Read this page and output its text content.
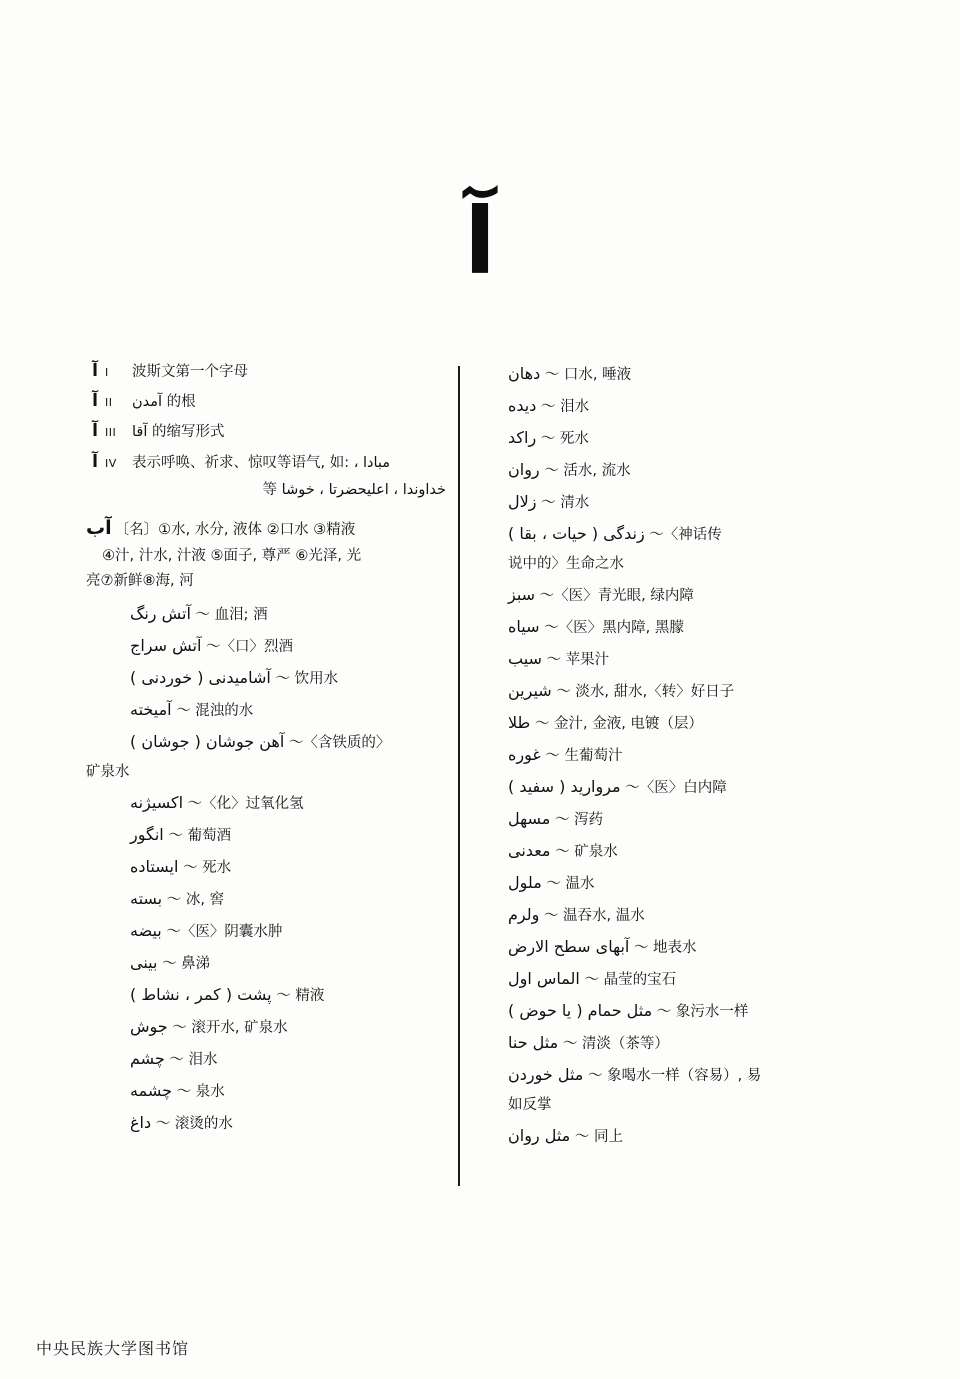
آ
آ I	波斯文第一个字母
آ II	آمدن 的根
آ III	آقا 的缩写形式
آ IV	表示呼唤、祈求、惊叹等语气, 如: ، مبادا
خداوندا ، اعليحضرتا ، خوشا 等
آب 〔名〕①水, 水分, 液体 ②口水 ③精液
④汁, 汁水, 汁液 ⑤面子, 尊严 ⑥光泽, 光
亮⑦新鲜⑧海, 河
آتش رنگ ～ 血泪; 酒
آتش سراج ～〈口〉烈酒
آشاميدنی ( خوردنی ) ～ 饮用水
آميخته ～ 混浊的水
آهن جوشان ( جوشان ) ～〈含铁质的〉
矿泉水
اكسيژنه ～〈化〉过氧化氢
انگور ～ 葡萄酒
ايستاده ～ 死水
بسته ～ 冰, 窖
بيضه ～〈医〉阴囊水肿
بينی ～ 鼻涕
پشت ( كمر ، نشاط ) ～ 精液
جوش ～ 滚开水, 矿泉水
چشم ～ 泪水
چشمه ～ 泉水
داغ ～ 滚烫的水
دهان ～ 口水, 唾液
ديده ～ 泪水
راكد ～ 死水
روان ～ 活水, 流水
زلال ～ 清水
زندگی ( حيات ، بقا ) ～〈神话传
说中的〉生命之水
سبز ～〈医〉青光眼, 绿内障
سياه ～〈医〉黑内障, 黑朦
سيب ～ 苹果汁
شيرين ～ 淡水, 甜水,〈转〉好日子
طلا ～ 金汁, 金液, 电镀（层）
غوره ～ 生葡萄汁
مرواريد ( سفيد ) ～〈医〉白内障
مسهل ～ 泻药
معدنی ～ 矿泉水
ملول ～ 温水
ولرم ～ 温吞水, 温水
آبهای سطح الارض ～ 地表水
الماس اول ～ 晶莹的宝石
مثل حمام ( يا حوض ) ～ 象污水一样
مثل حنا ～ 清淡（茶等）
مثل خوردن ～ 象喝水一样（容易）, 易
如反掌
مثل روان ～ 同上
中央民族大学图书馆
